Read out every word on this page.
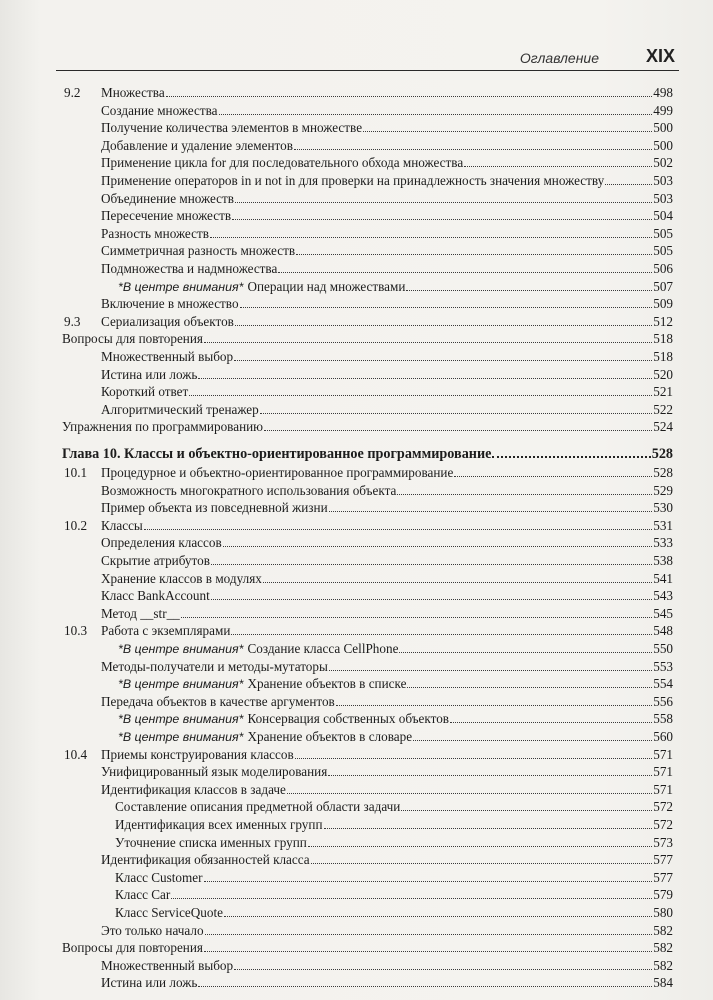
Оглавление	XIX
9.2 Множества	498
Создание множества	499
Получение количества элементов в множестве	500
Добавление и удаление элементов	500
Применение цикла for для последовательного обхода множества	502
Применение операторов in и not in для проверки на принадлежность значения множеству	503
Объединение множеств	503
Пересечение множеств	504
Разность множеств	505
Симметричная разность множеств	505
Подмножества и надмножества	506
*В центре внимания* Операции над множествами	507
Включение в множество	509
9.3 Сериализация объектов	512
Вопросы для повторения	518
Множественный выбор	518
Истина или ложь	520
Короткий ответ	521
Алгоритмический тренажер	522
Упражнения по программированию	524
Глава 10. Классы и объектно-ориентированное программирование	528
10.1 Процедурное и объектно-ориентированное программирование	528
Возможность многократного использования объекта	529
Пример объекта из повседневной жизни	530
10.2 Классы	531
Определения классов	533
Скрытие атрибутов	538
Хранение классов в модулях	541
Класс BankAccount	543
Метод __str__	545
10.3 Работа с экземплярами	548
*В центре внимания* Создание класса CellPhone	550
Методы-получатели и методы-мутаторы	553
*В центре внимания* Хранение объектов в списке	554
Передача объектов в качестве аргументов	556
*В центре внимания* Консервация собственных объектов	558
*В центре внимания* Хранение объектов в словаре	560
10.4 Приемы конструирования классов	571
Унифицированный язык моделирования	571
Идентификация классов в задаче	571
Составление описания предметной области задачи	572
Идентификация всех именных групп	572
Уточнение списка именных групп	573
Идентификация обязанностей класса	577
Класс Customer	577
Класс Car	579
Класс ServiceQuote	580
Это только начало	582
Вопросы для повторения	582
Множественный выбор	582
Истина или ложь	584
